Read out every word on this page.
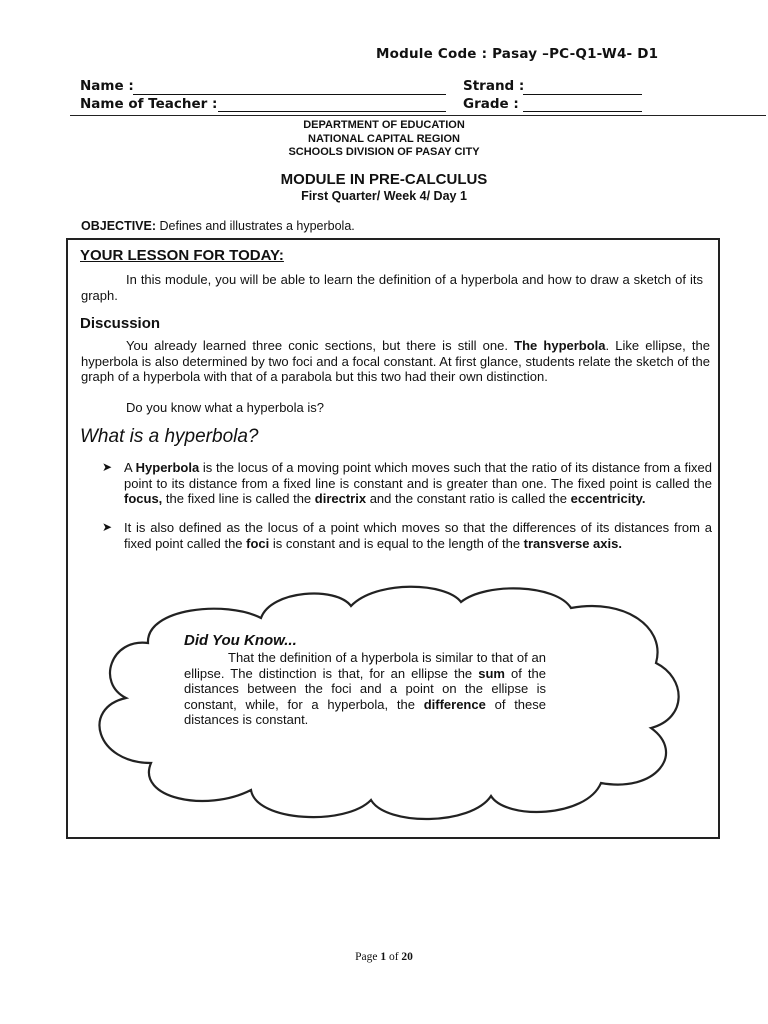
Module Code : Pasay –PC-Q1-W4- D1
Name :	Strand :
Name of Teacher :	Grade :
DEPARTMENT OF EDUCATION
NATIONAL CAPITAL REGION
SCHOOLS DIVISION OF PASAY CITY
MODULE IN PRE-CALCULUS
First Quarter/ Week 4/ Day 1
OBJECTIVE: Defines and illustrates a hyperbola.
YOUR LESSON FOR TODAY:
In this module, you will be able to learn the definition of a hyperbola and how to draw a sketch of its graph.
Discussion
You already learned three conic sections, but there is still one. The hyperbola. Like ellipse, the hyperbola is also determined by two foci and a focal constant. At first glance, students relate the sketch of the graph of a hyperbola with that of a parabola but this two had their own distinction.
Do you know what a hyperbola is?
What is a hyperbola?
➤ A Hyperbola is the locus of a moving point which moves such that the ratio of its distance from a fixed point to its distance from a fixed line is constant and is greater than one. The fixed point is called the focus, the fixed line is called the directrix and the constant ratio is called the eccentricity.
➤ It is also defined as the locus of a point which moves so that the differences of its distances from a fixed point called the foci is constant and is equal to the length of the transverse axis.
Did You Know...
That the definition of a hyperbola is similar to that of an ellipse. The distinction is that, for an ellipse the sum of the distances between the foci and a point on the ellipse is constant, while, for a hyperbola, the difference of these distances is constant.
Page 1 of 20
